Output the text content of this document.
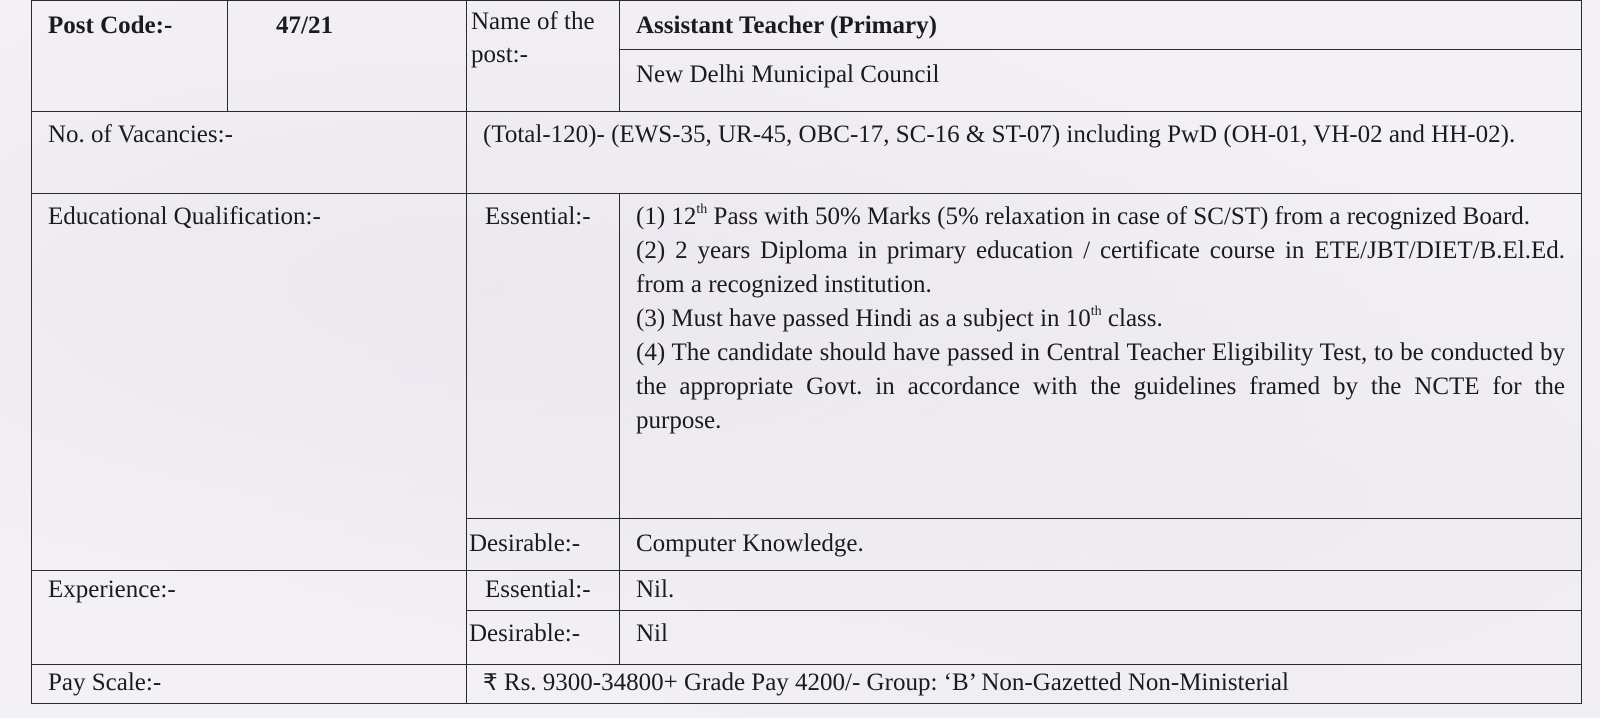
Post Code:-	47/21	Name of the post:-
Assistant Teacher (Primary)
New Delhi Municipal Council
No. of Vacancies:-	(Total-120)- (EWS-35, UR-45, OBC-17, SC-16 & ST-07) including PwD (OH-01, VH-02 and HH-02).
Educational Qualification:-	Essential:-	(1) 12th Pass with 50% Marks (5% relaxation in case of SC/ST) from a recognized Board.

(2) 2 years Diploma in primary education / certificate course in ETE/JBT/DIET/B.El.Ed. from a recognized institution.

(3) Must have passed Hindi as a subject in 10th class.

(4) The candidate should have passed in Central Teacher Eligibility Test, to be conducted by the appropriate Govt. in accordance with the guidelines framed by the NCTE for the purpose.

Desirable:-	Computer Knowledge.
Experience:-	Essential:-	Nil.
Desirable:-	Nil
Pay Scale:-	₹ Rs. 9300-34800+ Grade Pay 4200/- Group: ‘B’ Non-Gazetted Non-Ministerial
